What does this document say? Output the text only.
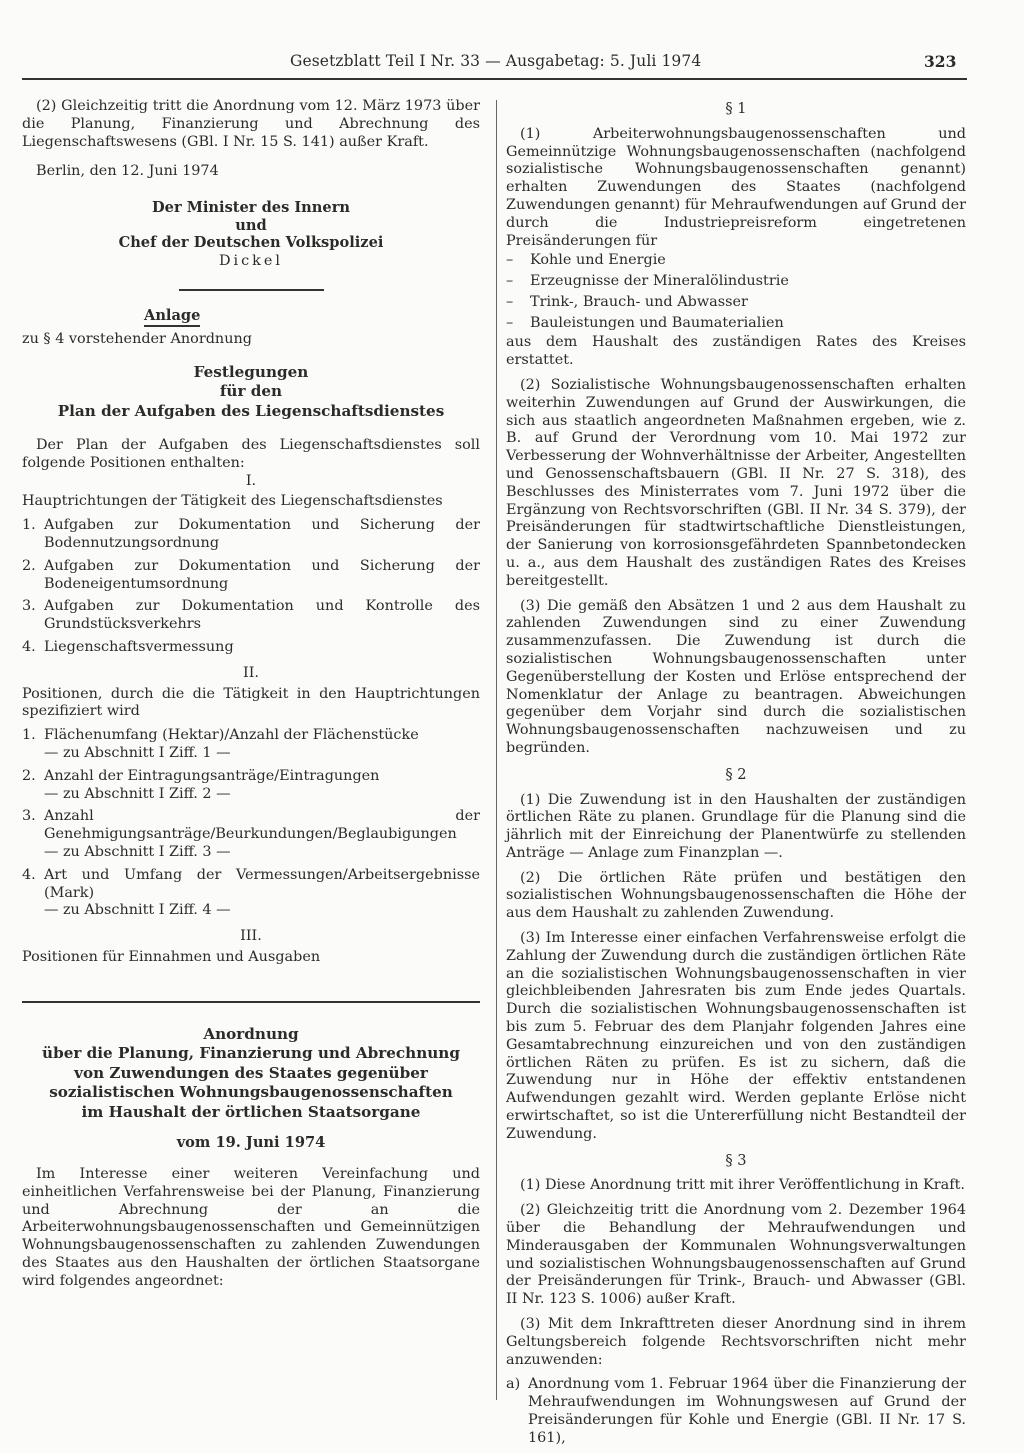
Gesetzblatt Teil I Nr. 33 — Ausgabetag: 5. Juli 1974	323

(2) Gleichzeitig tritt die Anordnung vom 12. März 1973 über die Planung, Finanzierung und Abrechnung des Liegenschaftswesens (GBl. I Nr. 15 S. 141) außer Kraft.

Berlin, den 12. Juni 1974

Der Minister des Innern

und

Chef der Deutschen Volkspolizei

Dickel

Anlage

zu § 4 vorstehender Anordnung

Festlegungen

für den

Plan der Aufgaben des Liegenschaftsdienstes

Der Plan der Aufgaben des Liegenschaftsdienstes soll folgende Positionen enthalten:

I.

Hauptrichtungen der Tätigkeit des Liegenschaftsdienstes

1. Aufgaben zur Dokumentation und Sicherung der Bodennutzungsordnung
2. Aufgaben zur Dokumentation und Sicherung der Bodeneigentumsordnung
3. Aufgaben zur Dokumentation und Kontrolle des Grundstücksverkehrs
4. Liegenschaftsvermessung

II.

Positionen, durch die die Tätigkeit in den Hauptrichtungen spezifiziert wird

1. Flächenumfang (Hektar)/Anzahl der Flächenstücke
— zu Abschnitt I Ziff. 1 —
2. Anzahl der Eintragungsanträge/Eintragungen
— zu Abschnitt I Ziff. 2 —
3. Anzahl der Genehmigungsanträge/Beurkundungen/Beglaubigungen
— zu Abschnitt I Ziff. 3 —
4. Art und Umfang der Vermessungen/Arbeitsergebnisse (Mark)
— zu Abschnitt I Ziff. 4 —

III.

Positionen für Einnahmen und Ausgaben

Anordnung

über die Planung, Finanzierung und Abrechnung

von Zuwendungen des Staates gegenüber

sozialistischen Wohnungsbaugenossenschaften

im Haushalt der örtlichen Staatsorgane

vom 19. Juni 1974

Im Interesse einer weiteren Vereinfachung und einheitlichen Verfahrensweise bei der Planung, Finanzierung und Abrechnung der an die Arbeiterwohnungsbaugenossenschaften und Gemeinnützigen Wohnungsbaugenossenschaften zu zahlenden Zuwendungen des Staates aus den Haushalten der örtlichen Staatsorgane wird folgendes angeordnet:

§ 1

(1) Arbeiterwohnungsbaugenossenschaften und Gemeinnützige Wohnungsbaugenossenschaften (nachfolgend sozialistische Wohnungsbaugenossenschaften genannt) erhalten Zuwendungen des Staates (nachfolgend Zuwendungen genannt) für Mehraufwendungen auf Grund der durch die Industriepreisreform eingetretenen Preisänderungen für

– Kohle und Energie
– Erzeugnisse der Mineralölindustrie
– Trink-, Brauch- und Abwasser
– Bauleistungen und Baumaterialien

aus dem Haushalt des zuständigen Rates des Kreises erstattet.

(2) Sozialistische Wohnungsbaugenossenschaften erhalten weiterhin Zuwendungen auf Grund der Auswirkungen, die sich aus staatlich angeordneten Maßnahmen ergeben, wie z. B. auf Grund der Verordnung vom 10. Mai 1972 zur Verbesserung der Wohnverhältnisse der Arbeiter, Angestellten und Genossenschaftsbauern (GBl. II Nr. 27 S. 318), des Beschlusses des Ministerrates vom 7. Juni 1972 über die Ergänzung von Rechtsvorschriften (GBl. II Nr. 34 S. 379), der Preisänderungen für stadtwirtschaftliche Dienstleistungen, der Sanierung von korrosionsgefährdeten Spannbetondecken u. a., aus dem Haushalt des zuständigen Rates des Kreises bereitgestellt.

(3) Die gemäß den Absätzen 1 und 2 aus dem Haushalt zu zahlenden Zuwendungen sind zu einer Zuwendung zusammenzufassen. Die Zuwendung ist durch die sozialistischen Wohnungsbaugenossenschaften unter Gegenüberstellung der Kosten und Erlöse entsprechend der Nomenklatur der Anlage zu beantragen. Abweichungen gegenüber dem Vorjahr sind durch die sozialistischen Wohnungsbaugenossenschaften nachzuweisen und zu begründen.

§ 2

(1) Die Zuwendung ist in den Haushalten der zuständigen örtlichen Räte zu planen. Grundlage für die Planung sind die jährlich mit der Einreichung der Planentwürfe zu stellenden Anträge — Anlage zum Finanzplan —.

(2) Die örtlichen Räte prüfen und bestätigen den sozialistischen Wohnungsbaugenossenschaften die Höhe der aus dem Haushalt zu zahlenden Zuwendung.

(3) Im Interesse einer einfachen Verfahrensweise erfolgt die Zahlung der Zuwendung durch die zuständigen örtlichen Räte an die sozialistischen Wohnungsbaugenossenschaften in vier gleichbleibenden Jahresraten bis zum Ende jedes Quartals. Durch die sozialistischen Wohnungsbaugenossenschaften ist bis zum 5. Februar des dem Planjahr folgenden Jahres eine Gesamtabrechnung einzureichen und von den zuständigen örtlichen Räten zu prüfen. Es ist zu sichern, daß die Zuwendung nur in Höhe der effektiv entstandenen Aufwendungen gezahlt wird. Werden geplante Erlöse nicht erwirtschaftet, so ist die Untererfüllung nicht Bestandteil der Zuwendung.

§ 3

(1) Diese Anordnung tritt mit ihrer Veröffentlichung in Kraft.

(2) Gleichzeitig tritt die Anordnung vom 2. Dezember 1964 über die Behandlung der Mehraufwendungen und Minderausgaben der Kommunalen Wohnungsverwaltungen und sozialistischen Wohnungsbaugenossenschaften auf Grund der Preisänderungen für Trink-, Brauch- und Abwasser (GBl. II Nr. 123 S. 1006) außer Kraft.

(3) Mit dem Inkrafttreten dieser Anordnung sind in ihrem Geltungsbereich folgende Rechtsvorschriften nicht mehr anzuwenden:

a) Anordnung vom 1. Februar 1964 über die Finanzierung der Mehraufwendungen im Wohnungswesen auf Grund der Preisänderungen für Kohle und Energie (GBl. II Nr. 17 S. 161),
